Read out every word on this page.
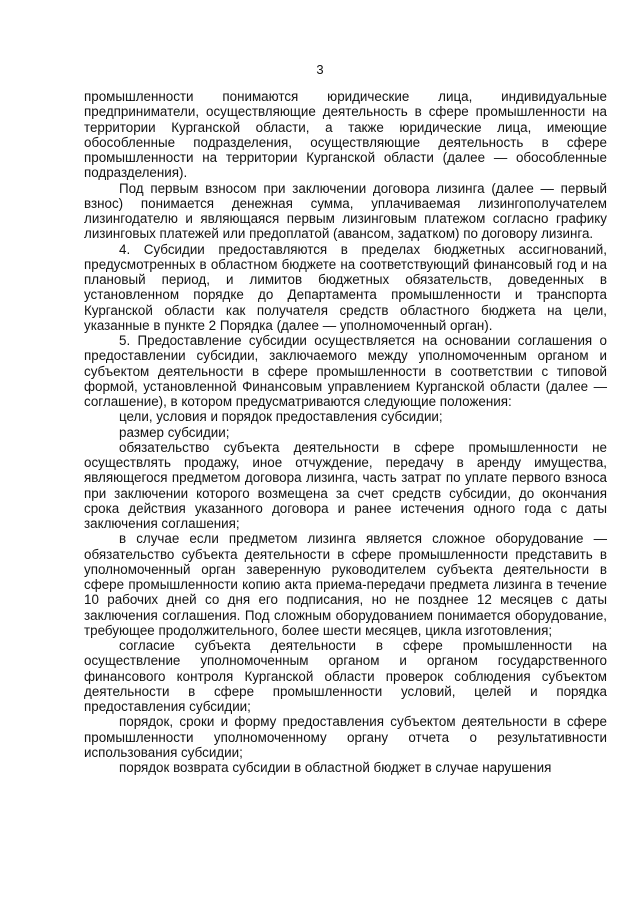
3

промышленности понимаются юридические лица, индивидуальные предприниматели, осуществляющие деятельность в сфере промышленности на территории Курганской области, а также юридические лица, имеющие обособленные подразделения, осуществляющие деятельность в сфере промышленности на территории Курганской области (далее — обособленные подразделения).

Под первым взносом при заключении договора лизинга (далее — первый взнос) понимается денежная сумма, уплачиваемая лизингополучателем лизингодателю и являющаяся первым лизинговым платежом согласно графику лизинговых платежей или предоплатой (авансом, задатком) по договору лизинга.

4. Субсидии предоставляются в пределах бюджетных ассигнований, предусмотренных в областном бюджете на соответствующий финансовый год и на плановый период, и лимитов бюджетных обязательств, доведенных в установленном порядке до Департамента промышленности и транспорта Курганской области как получателя средств областного бюджета на цели, указанные в пункте 2 Порядка (далее — уполномоченный орган).

5. Предоставление субсидии осуществляется на основании соглашения о предоставлении субсидии, заключаемого между уполномоченным органом и субъектом деятельности в сфере промышленности в соответствии с типовой формой, установленной Финансовым управлением Курганской области (далее — соглашение), в котором предусматриваются следующие положения:

цели, условия и порядок предоставления субсидии;

размер субсидии;

обязательство субъекта деятельности в сфере промышленности не осуществлять продажу, иное отчуждение, передачу в аренду имущества, являющегося предметом договора лизинга, часть затрат по уплате первого взноса при заключении которого возмещена за счет средств субсидии, до окончания срока действия указанного договора и ранее истечения одного года с даты заключения соглашения;

в случае если предметом лизинга является сложное оборудование — обязательство субъекта деятельности в сфере промышленности представить в уполномоченный орган заверенную руководителем субъекта деятельности в сфере промышленности копию акта приема-передачи предмета лизинга в течение 10 рабочих дней со дня его подписания, но не позднее 12 месяцев с даты заключения соглашения. Под сложным оборудованием понимается оборудование, требующее продолжительного, более шести месяцев, цикла изготовления;

согласие субъекта деятельности в сфере промышленности на осуществление уполномоченным органом и органом государственного финансового контроля Курганской области проверок соблюдения субъектом деятельности в сфере промышленности условий, целей и порядка предоставления субсидии;

порядок, сроки и форму предоставления субъектом деятельности в сфере промышленности уполномоченному органу отчета о результативности использования субсидии;

порядок возврата субсидии в областной бюджет в случае нарушения
